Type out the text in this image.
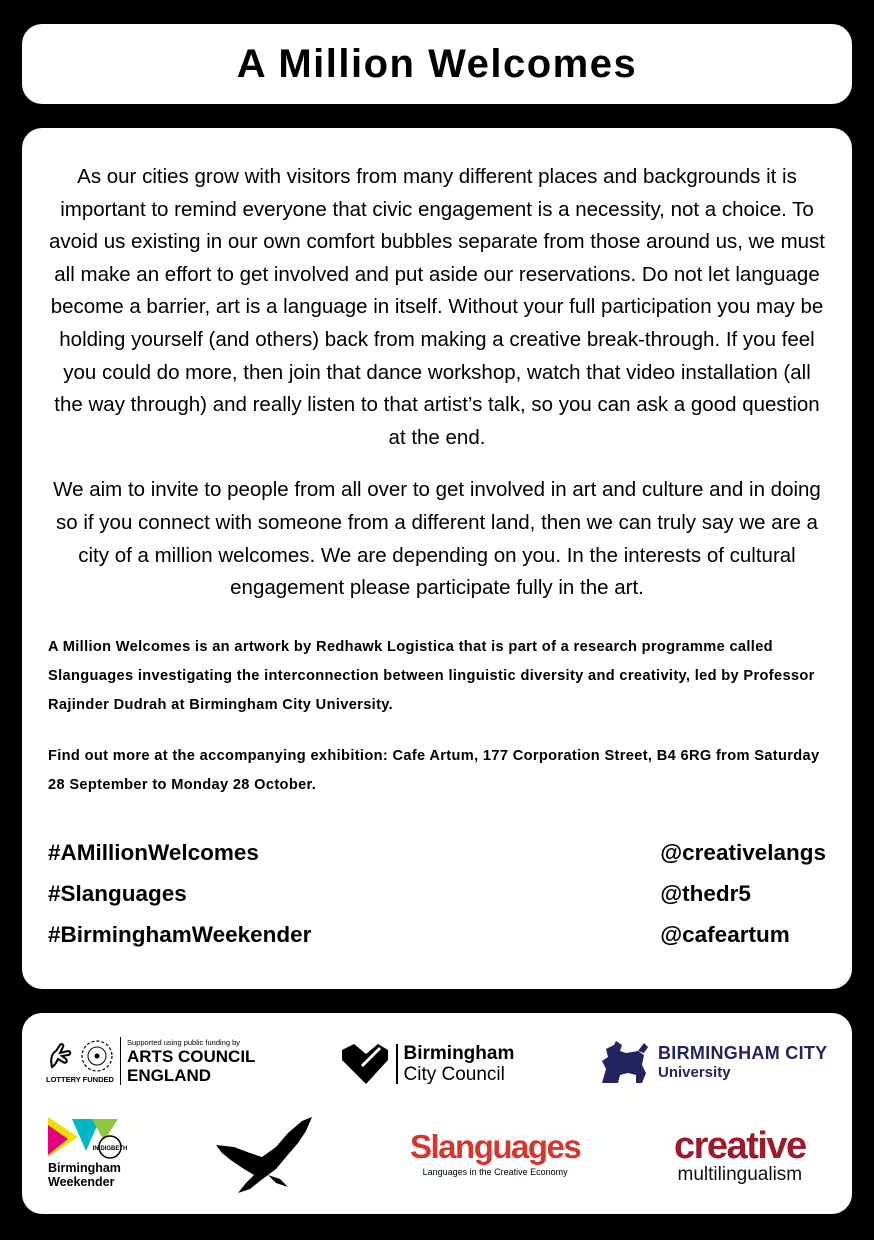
A Million Welcomes

As our cities grow with visitors from many different places and backgrounds it is important to remind everyone that civic engagement is a necessity, not a choice. To avoid us existing in our own comfort bubbles separate from those around us, we must all make an effort to get involved and put aside our reservations. Do not let language become a barrier, art is a language in itself. Without your full participation you may be holding yourself (and others) back from making a creative break-through. If you feel you could do more, then join that dance workshop, watch that video installation (all the way through) and really listen to that artist’s talk, so you can ask a good question at the end.

We aim to invite to people from all over to get involved in art and culture and in doing so if you connect with someone from a different land, then we can truly say we are a city of a million welcomes. We are depending on you. In the interests of cultural engagement please participate fully in the art.

A Million Welcomes is an artwork by Redhawk Logistica that is part of a research programme called Slanguages investigating the interconnection between linguistic diversity and creativity, led by Professor Rajinder Dudrah at Birmingham City University.

Find out more at the accompanying exhibition: Cafe Artum, 177 Corporation Street, B4 6RG from Saturday 28 September to Monday 28 October.

#AMillionWelcomes
#Slanguages
#BirminghamWeekender
@creativelangs
@thedr5
@cafeartum
LOTTERY FUNDED
Supported using public funding by
ARTS COUNCIL
ENGLAND
Birmingham
City Council
BIRMINGHAM CITY
University
IN DIGBETH
Birmingham
Weekender
Slanguages
Languages in the Creative Economy
creative
multilingualism
